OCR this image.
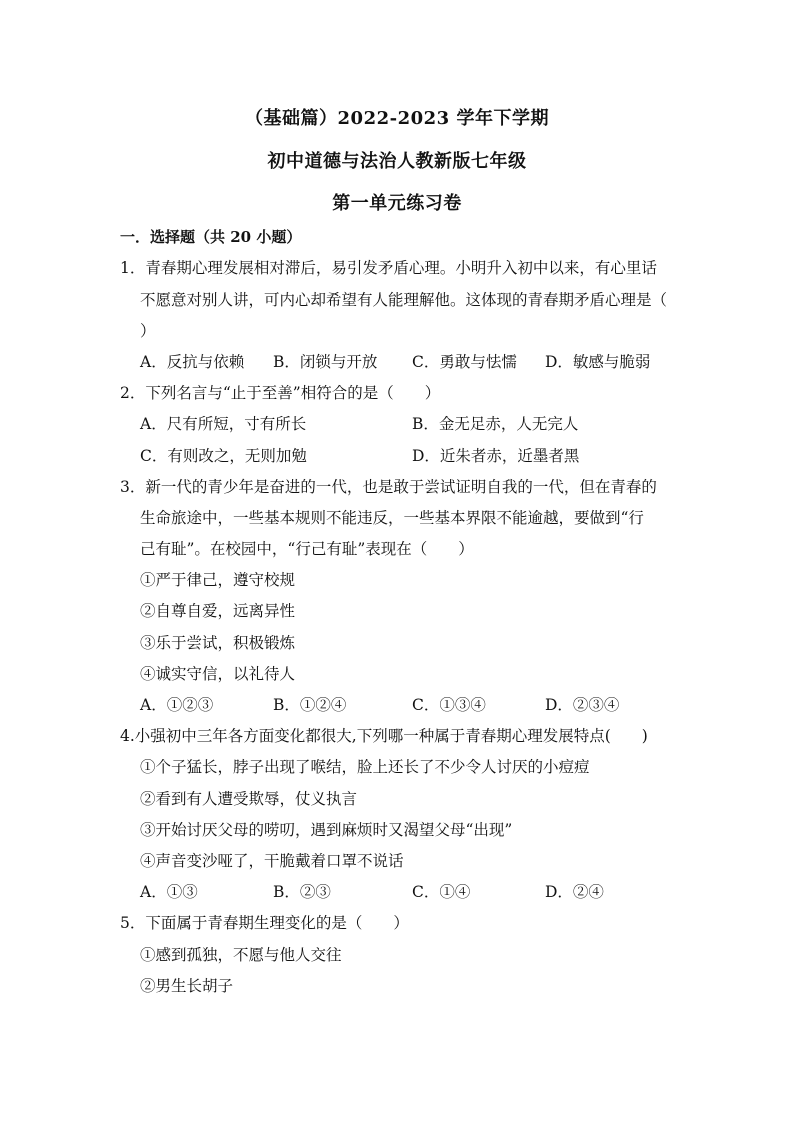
（基础篇）2022-2023 学年下学期
初中道德与法治人教新版七年级
第一单元练习卷
一．选择题（共 20 小题）
1．青春期心理发展相对滞后，易引发矛盾心理。小明升入初中以来，有心里话
不愿意对别人讲，可内心却希望有人能理解他。这体现的青春期矛盾心理是（
）
A．反抗与依赖 B．闭锁与开放 C．勇敢与怯懦 D．敏感与脆弱
2．下列名言与“止于至善”相符合的是（　　）
A．尺有所短，寸有所长	B．金无足赤，人无完人
C．有则改之，无则加勉	D．近朱者赤，近墨者黑
3．新一代的青少年是奋进的一代，也是敢于尝试证明自我的一代，但在青春的
生命旅途中，一些基本规则不能违反，一些基本界限不能逾越，要做到“行
己有耻”。在校园中，“行己有耻”表现在（　　）
①严于律己，遵守校规
②自尊自爱，远离异性
③乐于尝试，积极锻炼
④诚实守信，以礼待人
A．①②③	B．①②④	C．①③④	D．②③④
4.小强初中三年各方面变化都很大,下列哪一种属于青春期心理发展特点(　　)
①个子猛长，脖子出现了喉结，脸上还长了不少令人讨厌的小痘痘
②看到有人遭受欺辱，仗义执言
③开始讨厌父母的唠叨，遇到麻烦时又渴望父母“出现”
④声音变沙哑了，干脆戴着口罩不说话
A．①③	B．②③	C．①④	D．②④
5．下面属于青春期生理变化的是（　　）
①感到孤独，不愿与他人交往
②男生长胡子
